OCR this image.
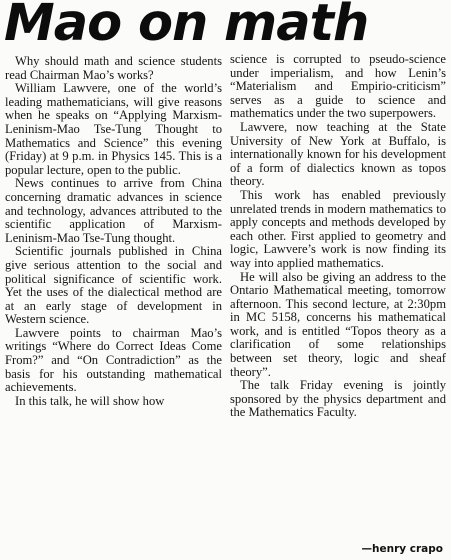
Mao on math

Why should math and science students read Chairman Mao’s works?

William Lawvere, one of the world’s leading mathematicians, will give reasons when he speaks on “Applying Marxism-Leninism-Mao Tse-Tung Thought to Mathematics and Science” this evening (Friday) at 9 p.m. in Physics 145. This is a popular lecture, open to the public.

News continues to arrive from China concerning dramatic advances in science and technology, advances attributed to the scientific application of Marxism-Leninism-Mao Tse-Tung thought.

Scientific journals published in China give serious attention to the social and political significance of scientific work. Yet the uses of the dialectical method are at an early stage of development in Western science.

Lawvere points to chairman Mao’s writings “Where do Correct Ideas Come From?” and “On Contradiction” as the basis for his outstanding mathematical achievements.

In this talk, he will show how

science is corrupted to pseudo-science under imperialism, and how Lenin’s “Materialism and Empirio-criticism” serves as a guide to science and mathematics under the two superpowers.

Lawvere, now teaching at the State University of New York at Buffalo, is internationally known for his development of a form of dialectics known as topos theory.

This work has enabled previously unrelated trends in modern mathematics to apply concepts and methods developed by each other. First applied to geometry and logic, Lawvere’s work is now finding its way into applied mathematics.

He will also be giving an address to the Ontario Mathematical meeting, tomorrow afternoon. This second lecture, at 2:30pm in MC 5158, concerns his mathematical work, and is entitled “Topos theory as a clarification of some relationships between set theory, logic and sheaf theory”.

The talk Friday evening is jointly sponsored by the physics department and the Mathematics Faculty.

—henry crapo
